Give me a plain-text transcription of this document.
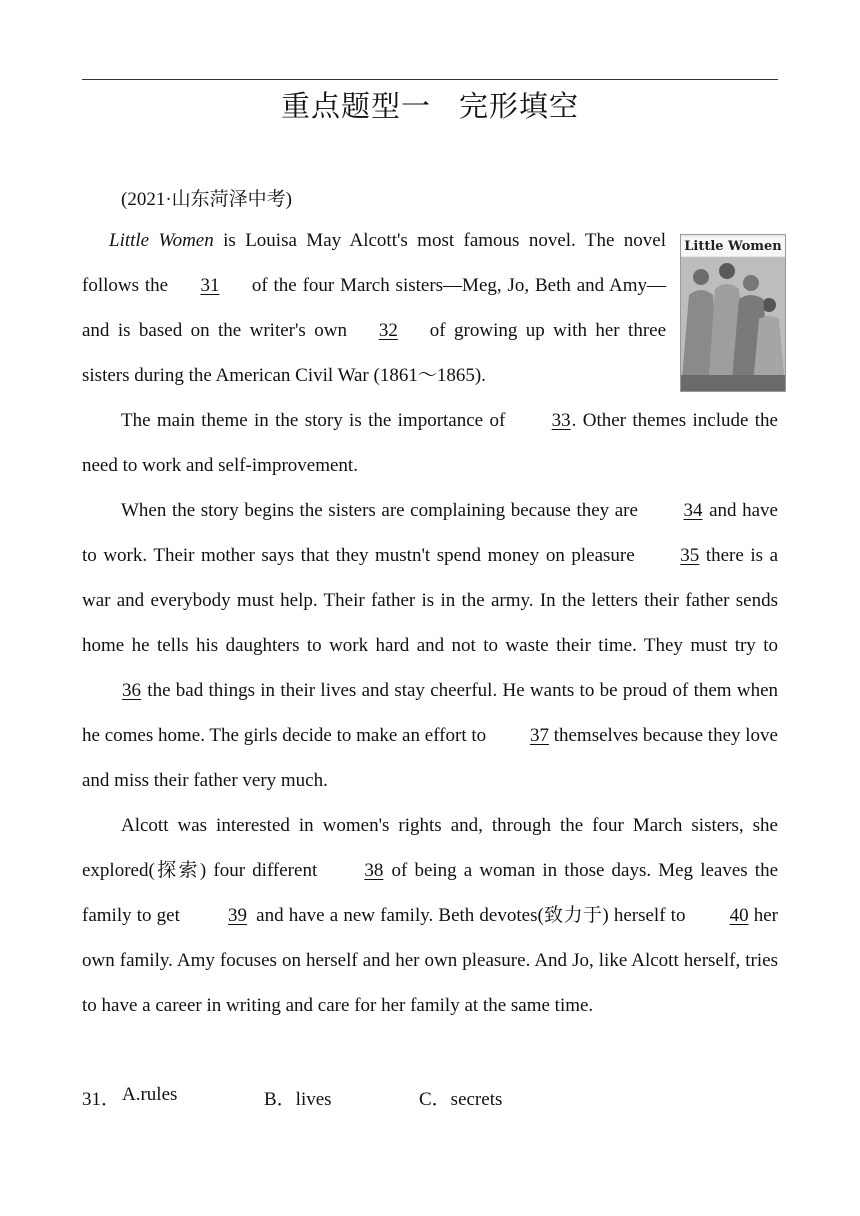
重点题型一 完形填空
(2021·山东菏泽中考)
Little Women

Little Women is Louisa May Alcott's most famous novel. The novel follows the 31 of the four March sisters—Meg, Jo, Beth and Amy—and is based on the writer's own 32 of growing up with her three sisters during the American Civil War (1861～1865).

The main theme in the story is the importance of 33. Other themes include the need to work and self-improvement.

When the story begins the sisters are complaining because they are 34 and have to work. Their mother says that they mustn't spend money on pleasure 35 there is a war and everybody must help. Their father is in the army. In the letters their father sends home he tells his daughters to work hard and not to waste their time. They must try to 36 the bad things in their lives and stay cheerful. He wants to be proud of them when he comes home. The girls decide to make an effort to 37 themselves because they love and miss their father very much.

Alcott was interested in women's rights and, through the four March sisters, she explored(探索) four different 38 of being a woman in those days. Meg leaves the family to get 39 and have a new family. Beth devotes(致力于) herself to 40 her own family. Amy focuses on herself and her own pleasure. And Jo, like Alcott herself, tries to have a career in writing and care for her family at the same time.

31． A.rules	B．lives	C．secrets
